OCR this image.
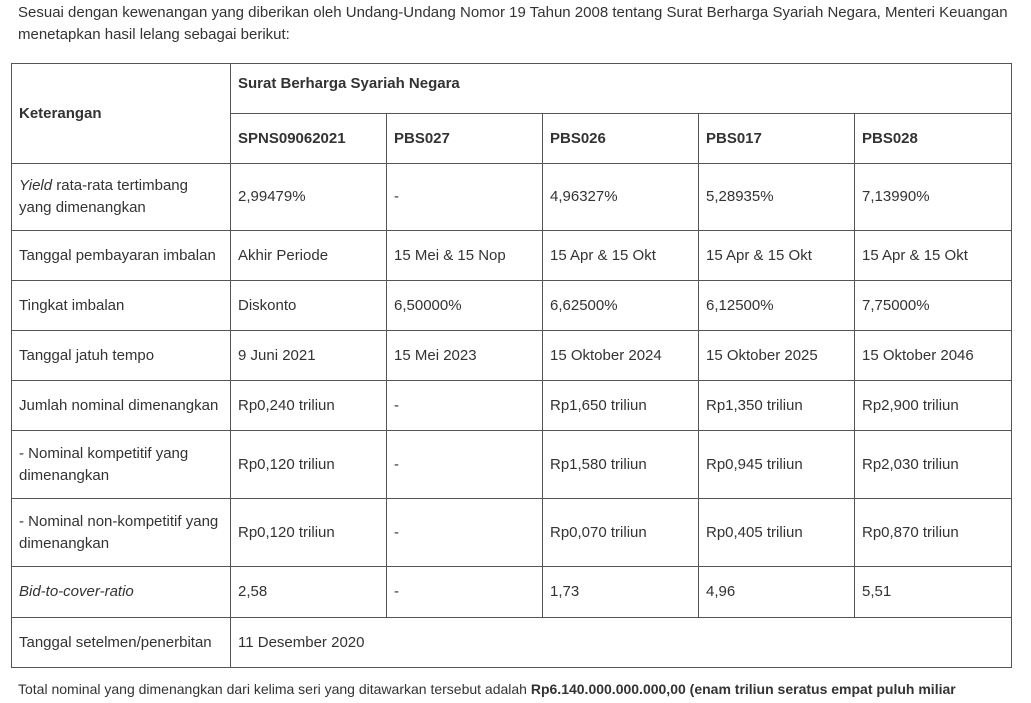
Sesuai dengan kewenangan yang diberikan oleh Undang-Undang Nomor 19 Tahun 2008 tentang Surat Berharga Syariah Negara, Menteri Keuangan menetapkan hasil lelang sebagai berikut:

Keterangan	Surat Berharga Syariah Negara				
	SPNS09062021	PBS027	PBS026	PBS017	PBS028
Yield rata-rata tertimbang yang dimenangkan	2,99479%	-	4,96327%	5,28935%	7,13990%
Tanggal pembayaran imbalan	Akhir Periode	15 Mei & 15 Nop	15 Apr & 15 Okt	15 Apr & 15 Okt	15 Apr & 15 Okt
Tingkat imbalan	Diskonto	6,50000%	6,62500%	6,12500%	7,75000%
Tanggal jatuh tempo	9 Juni 2021	15 Mei 2023	15 Oktober 2024	15 Oktober 2025	15 Oktober 2046
Jumlah nominal dimenangkan	Rp0,240 triliun	-	Rp1,650 triliun	Rp1,350 triliun	Rp2,900 triliun
- Nominal kompetitif yang dimenangkan	Rp0,120 triliun	-	Rp1,580 triliun	Rp0,945 triliun	Rp2,030 triliun
- Nominal non-kompetitif yang dimenangkan	Rp0,120 triliun	-	Rp0,070 triliun	Rp0,405 triliun	Rp0,870 triliun
Bid-to-cover-ratio	2,58	-	1,73	4,96	5,51
Tanggal setelmen/penerbitan	11 Desember 2020				
Total nominal yang dimenangkan dari kelima seri yang ditawarkan tersebut adalah Rp6.140.000.000.000,00 (enam triliun seratus empat puluh miliar
